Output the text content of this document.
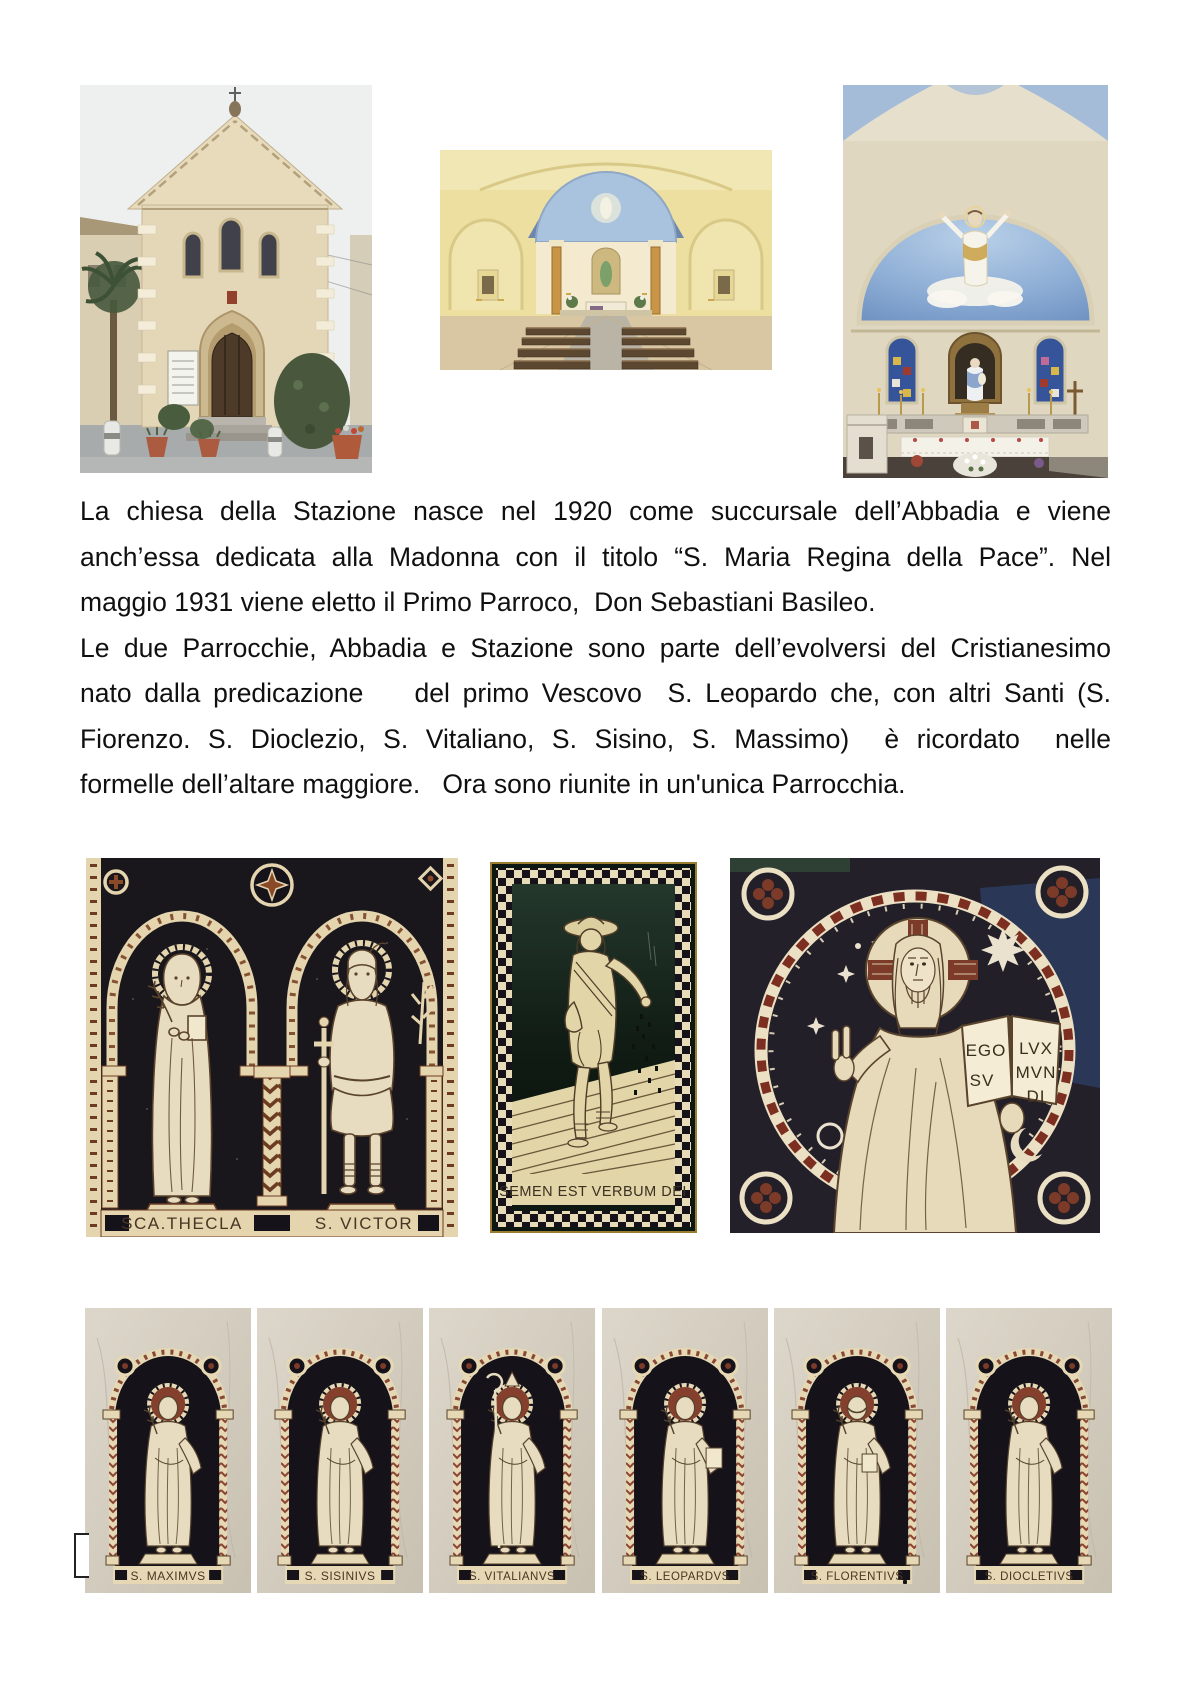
La chiesa della Stazione nasce nel 1920 come succursale dell’Abbadia e viene
anch’essa dedicata alla Madonna con il titolo “S. Maria Regina della Pace”. Nel
maggio 1931 viene eletto il Primo Parroco,  Don Sebastiani Basileo.
Le due Parrocchie, Abbadia e Stazione sono parte dell’evolversi del Cristianesimo
nato dalla predicazione    del primo Vescovo  S. Leopardo che, con altri Santi (S.
Fiorenzo. S. Dioclezio, S. Vitaliano, S. Sisino, S. Massimo)  è ricordato  nelle
formelle dell’altare maggiore.   Ora sono riunite in un'unica Parrocchia.
SCA.THECLA	S. VICTOR
SEMEN EST VERBUM DEI
EGO
SV
LVX
MVN
DI
S. MAXIMVS	S. SISINIVS	S. VITALIANVS	S. LEOPARDVS	S. FLORENTIVS	S. DIOCLETIVS
